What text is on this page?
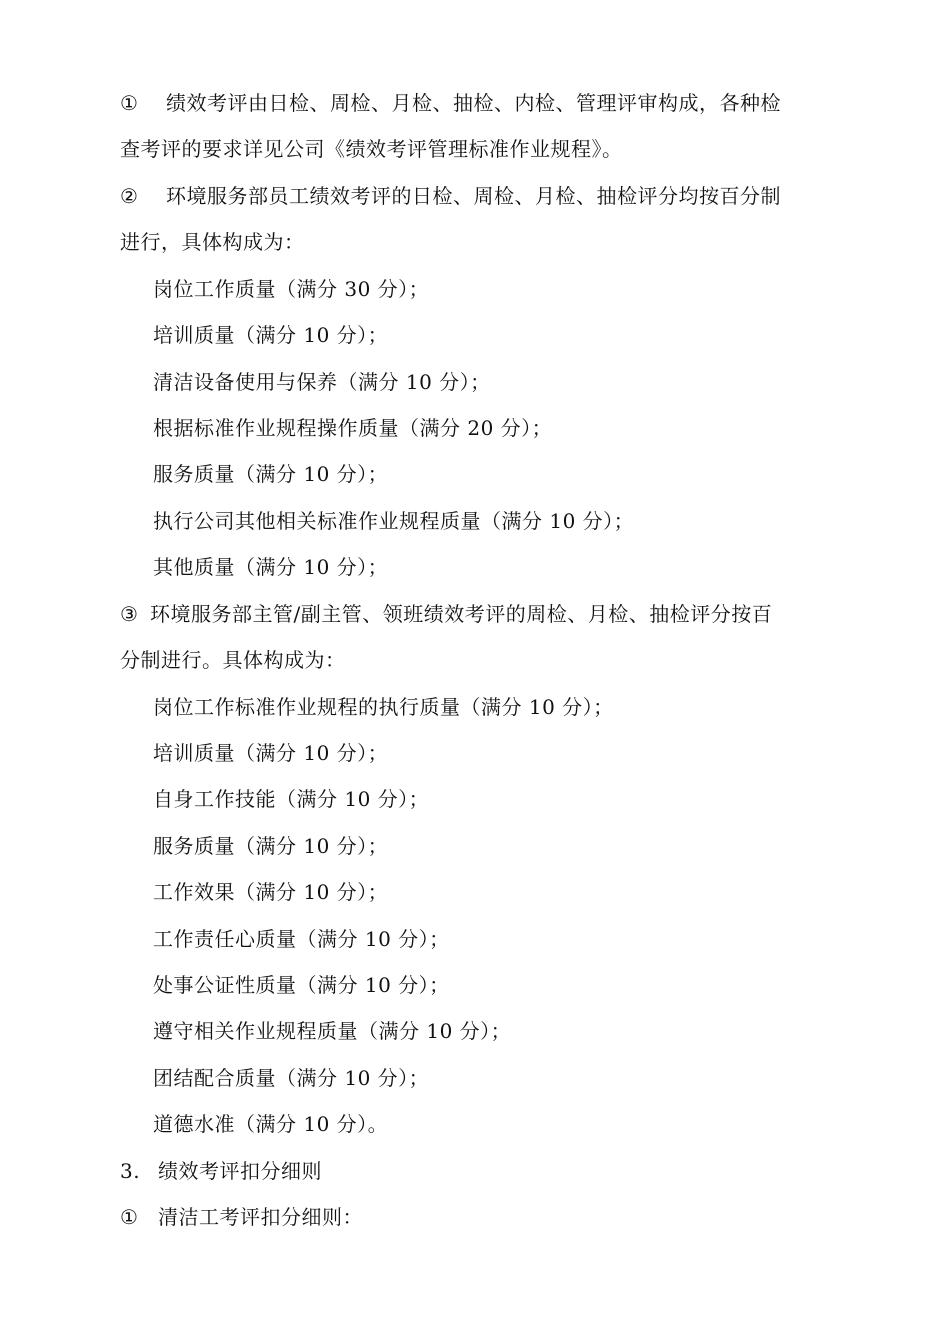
① 绩效考评由日检、周检、月检、抽检、内检、管理评审构成，各种检
查考评的要求详见公司《绩效考评管理标准作业规程》。
② 环境服务部员工绩效考评的日检、周检、月检、抽检评分均按百分制
进行，具体构成为：
岗位工作质量（满分 30 分）；
培训质量（满分 10 分）；
清洁设备使用与保养（满分 10 分）；
根据标准作业规程操作质量（满分 20 分）；
服务质量（满分 10 分）；
执行公司其他相关标准作业规程质量（满分 10 分）；
其他质量（满分 10 分）；
③ 环境服务部主管/副主管、领班绩效考评的周检、月检、抽检评分按百
分制进行。具体构成为：
岗位工作标准作业规程的执行质量（满分 10 分）；
培训质量（满分 10 分）；
自身工作技能（满分 10 分）；
服务质量（满分 10 分）；
工作效果（满分 10 分）；
工作责任心质量（满分 10 分）；
处事公证性质量（满分 10 分）；
遵守相关作业规程质量（满分 10 分）；
团结配合质量（满分 10 分）；
道德水准（满分 10 分）。
3. 绩效考评扣分细则
① 清洁工考评扣分细则：
